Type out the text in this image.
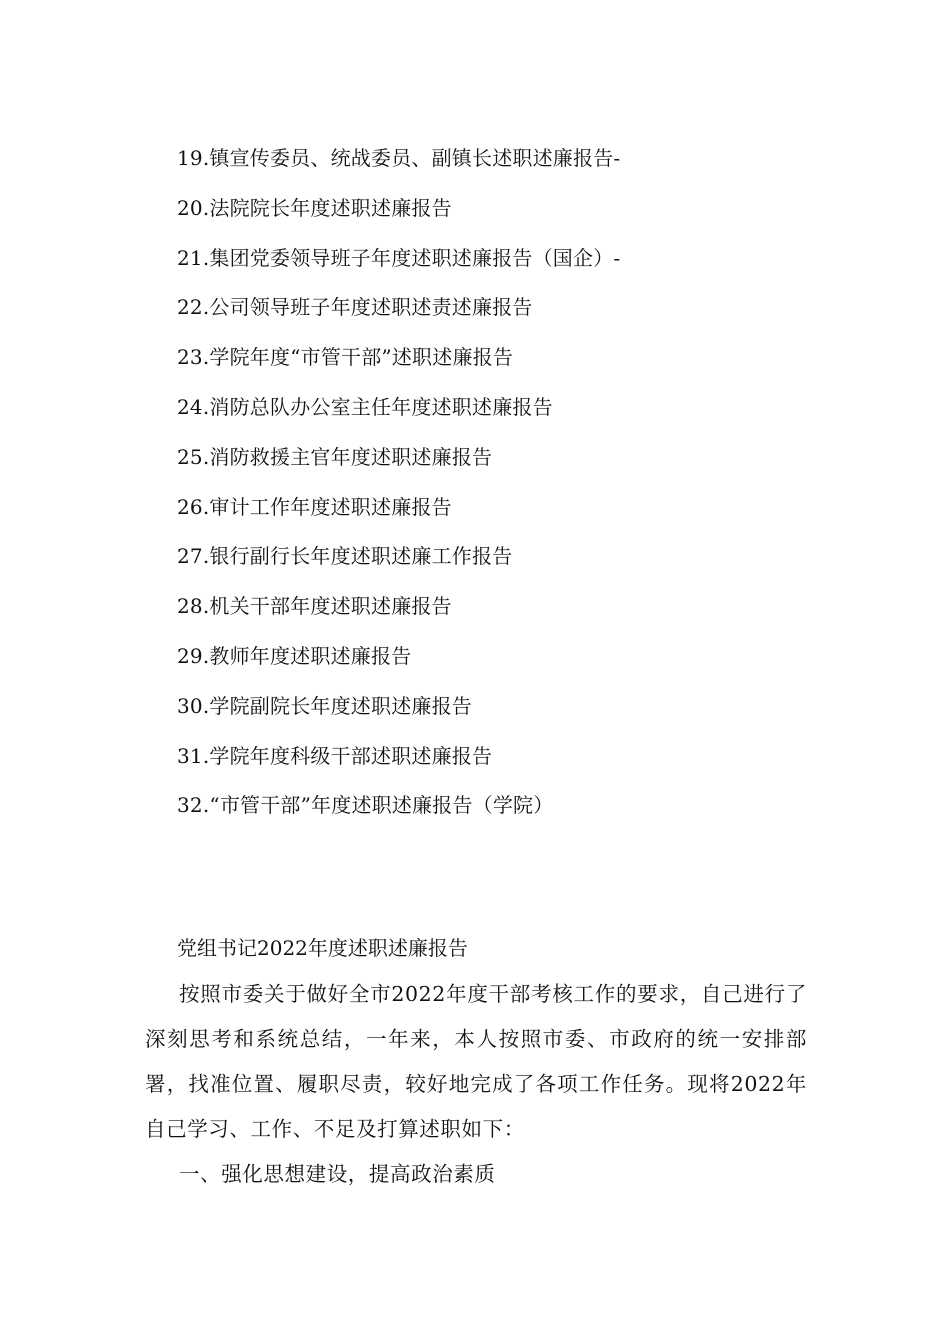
19.镇宣传委员、统战委员、副镇长述职述廉报告-
20.法院院长年度述职述廉报告
21.集团党委领导班子年度述职述廉报告（国企）-
22.公司领导班子年度述职述责述廉报告
23.学院年度“市管干部”述职述廉报告
24.消防总队办公室主任年度述职述廉报告
25.消防救援主官年度述职述廉报告
26.审计工作年度述职述廉报告
27.银行副行长年度述职述廉工作报告
28.机关干部年度述职述廉报告
29.教师年度述职述廉报告
30.学院副院长年度述职述廉报告
31.学院年度科级干部述职述廉报告
32.“市管干部”年度述职述廉报告（学院）

党组书记2022年度述职述廉报告

按照市委关于做好全市2022年度干部考核工作的要求，自己进行了深刻思考和系统总结，一年来，本人按照市委、市政府的统一安排部署，找准位置、履职尽责，较好地完成了各项工作任务。现将2022年自己学习、工作、不足及打算述职如下：

一、强化思想建设，提高政治素质
